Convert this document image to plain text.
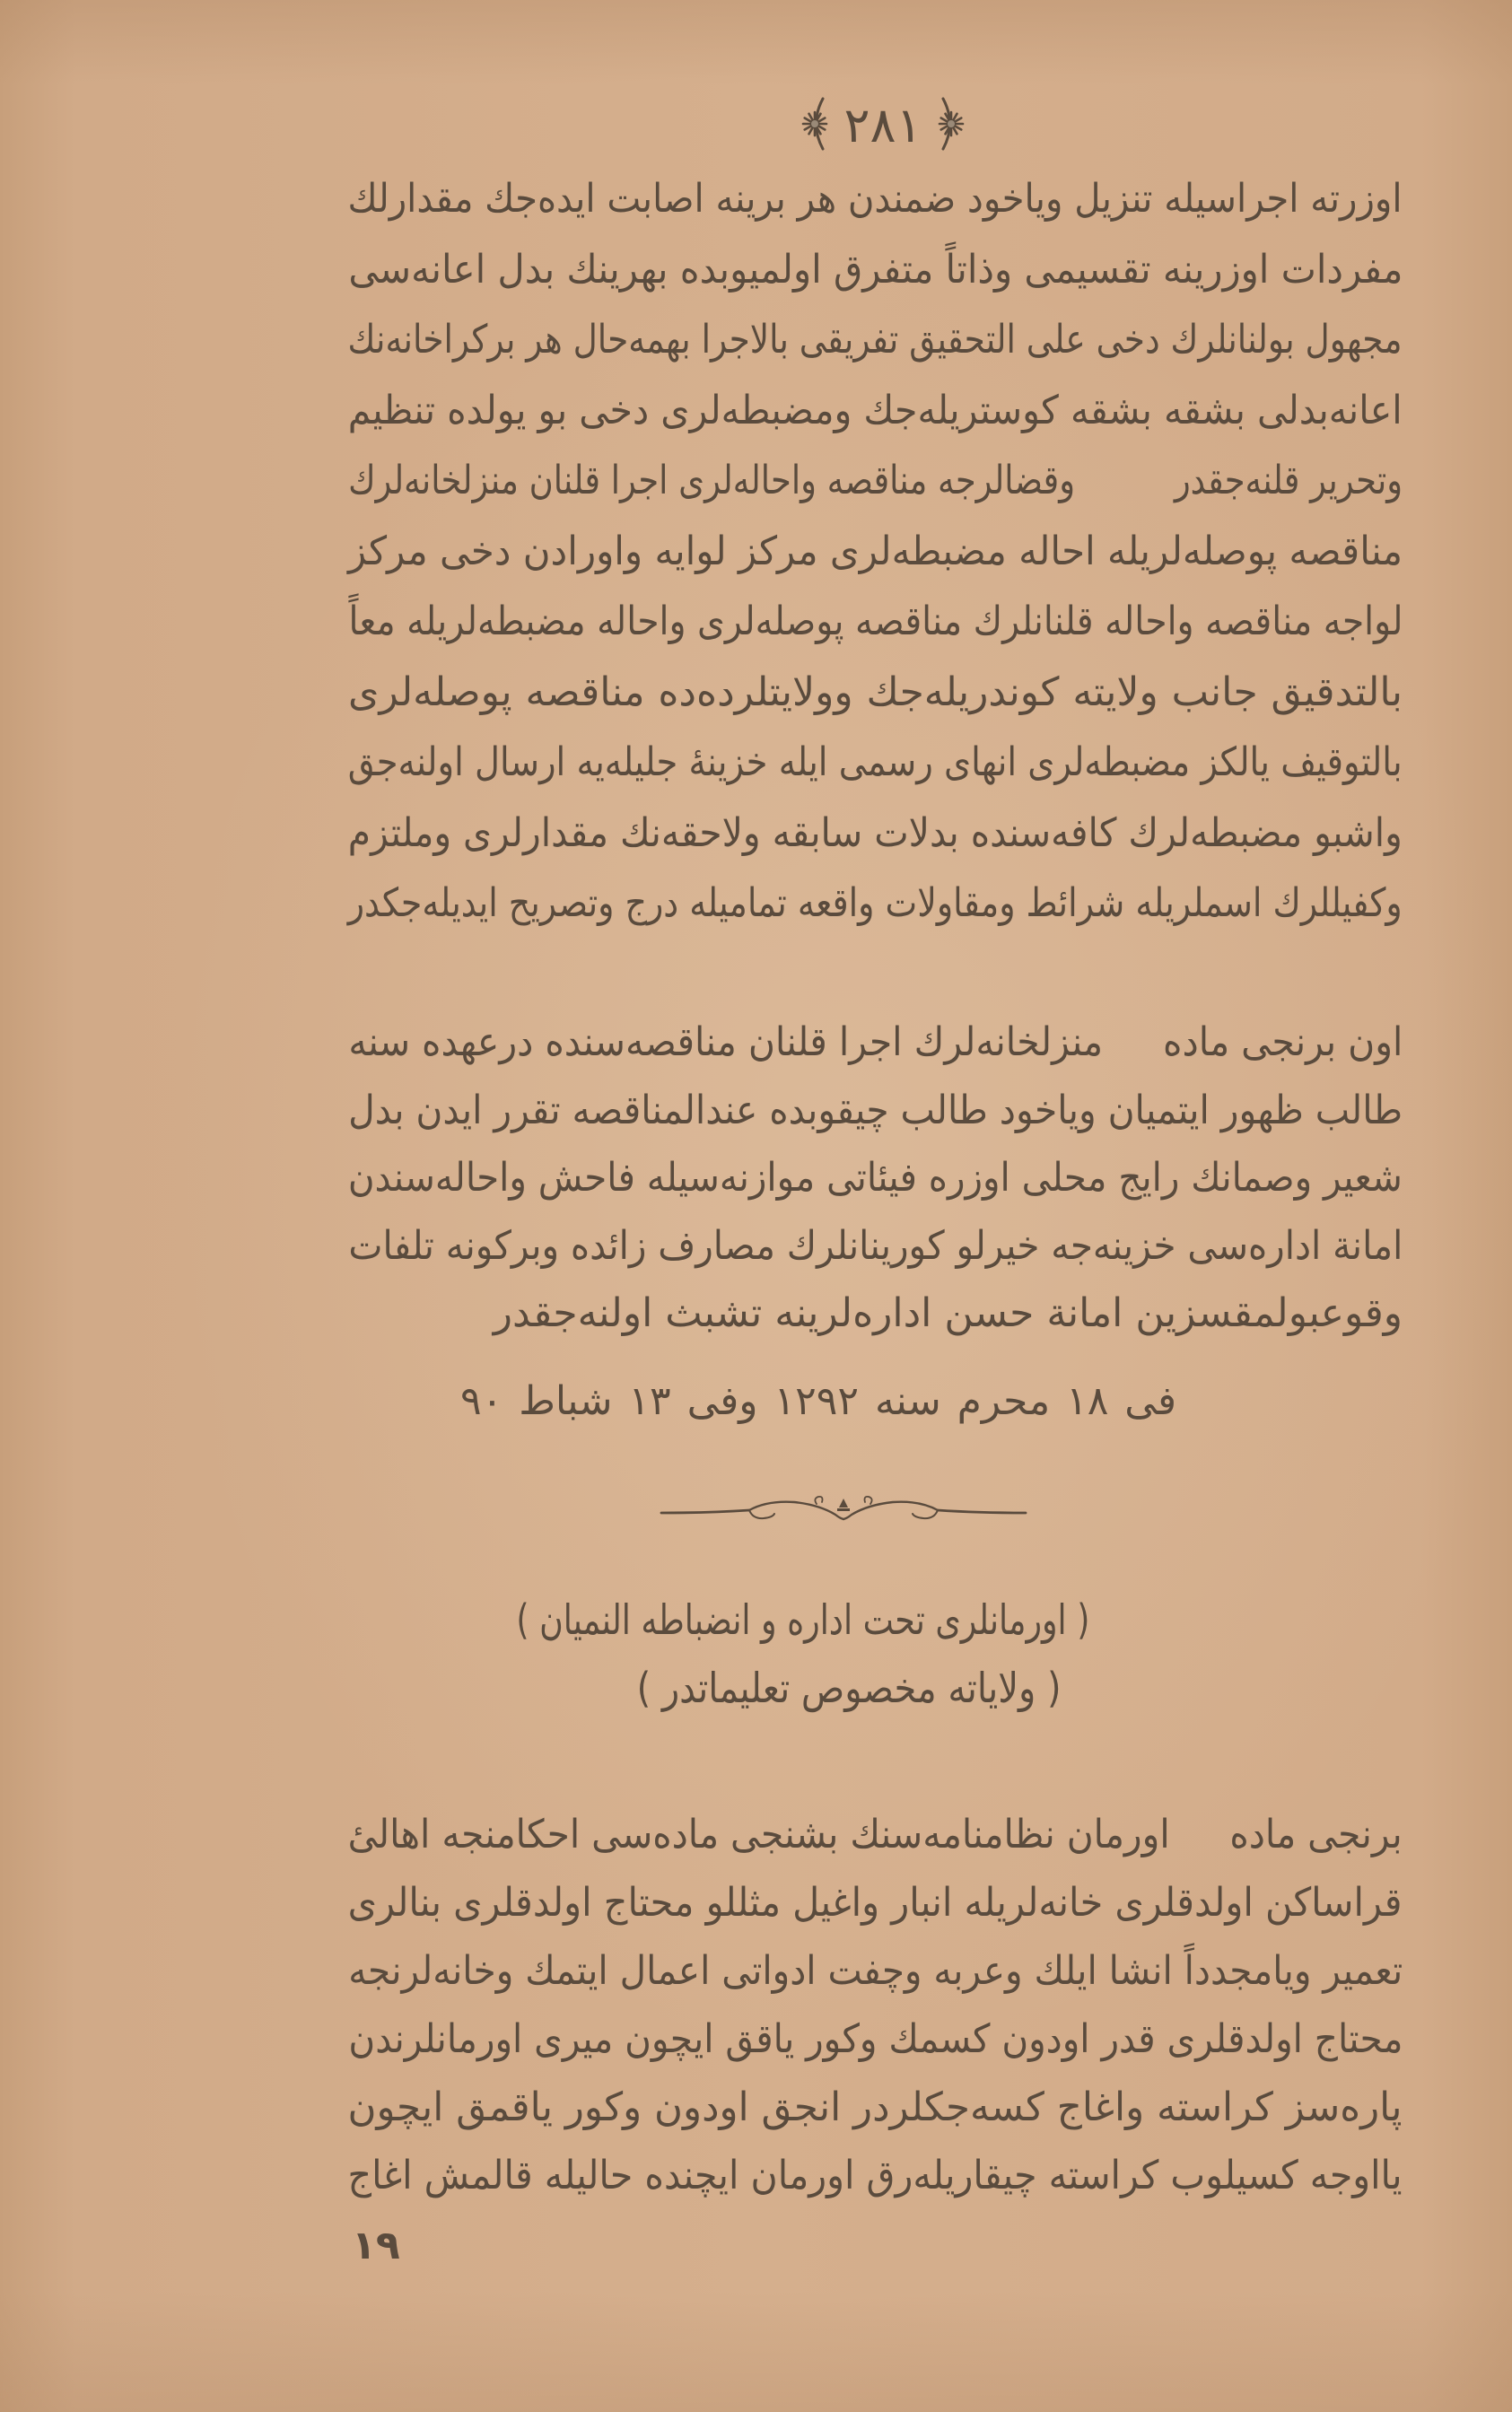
٢٨١
اوزرته اجراسیله تنزیل ویاخود ضمندن هر برینه اصابت ایده‌جك مقدارلك
مفردات اوزرینه تقسیمی وذاتاً متفرق اولمیوبده بهرینك بدل اعانه‌سی
مجهول بولنانلرك دخی علی التحقیق تفریقی بالاجرا بهمه‌حال هر بركراخانه‌نك
اعانه‌بدلی بشقه بشقه کوستریله‌جك ومضبطه‌لری دخی بو یولده تنظیم
وتحریر قلنه‌جقدر   وقضالرجه مناقصه واحاله‌لری اجرا قلنان منزلخانه‌لرك
مناقصه پوصله‌لریله احاله مضبطه‌لری مرکز لوایه واورادن دخی مرکز
لواجه مناقصه واحاله قلنانلرك مناقصه پوصله‌لری واحاله مضبطه‌لریله معاً
بالتدقیق جانب ولایته کوندریله‌جك وولایتلرده‌ده مناقصه پوصله‌لری
بالتوقیف یالکز مضبطه‌لری انهای رسمی ایله خزینهٔ جلیله‌یه ارسال اولنه‌جق
واشبو مضبطه‌لرك کافه‌سنده بدلات سابقه ولاحقه‌نك مقدارلری وملتزم
وکفیللرك اسملریله شرائط ومقاولات واقعه تمامیله درج وتصریح ایدیله‌جکدر
اون برنجی مادهمنزلخانه‌لرك اجرا قلنان مناقصه‌سنده درعهده سنه
طالب ظهور ایتمیان ویاخود طالب چیقوبده عندالمناقصه تقرر ایدن بدل
شعیر وصمانك رایج محلی اوزره فیئاتی موازنه‌سیله فاحش واحاله‌سندن
امانة اداره‌سی خزینه‌جه خیرلو کورینانلرك مصارف زائده وبرکونه تلفات
وقوعبولمقسزین امانة حسن اداره‌لرینه تشبث اولنه‌جقدر
فی ١٨ محرم سنه ١٢٩٢ وفی ١٣ شباط ٩٠
( اورمانلری تحت اداره و انضباطه النمیان )
( ولایاته مخصوص تعلیماتدر )
برنجی مادهاورمان نظامنامه‌سنك بشنجی ماده‌سی احکامنجه اهالیٔ
قراساکن اولدقلری خانه‌لریله انبار واغیل مثللو محتاج اولدقلری بنالری
تعمیر ویامجدداً انشا ایلك وعربه وچفت ادواتی اعمال ایتمك وخانه‌لرنجه
محتاج اولدقلری قدر اودون کسمك وکور یاقق ایچون میری اورمانلرندن
پاره‌سز کراسته واغاج کسه‌جکلردر انجق اودون وکور یاقمق ایچون
یااوجه کسیلوب کراسته چیقاریله‌رق اورمان ایچنده حالیله قالمش اغاج
١٩
